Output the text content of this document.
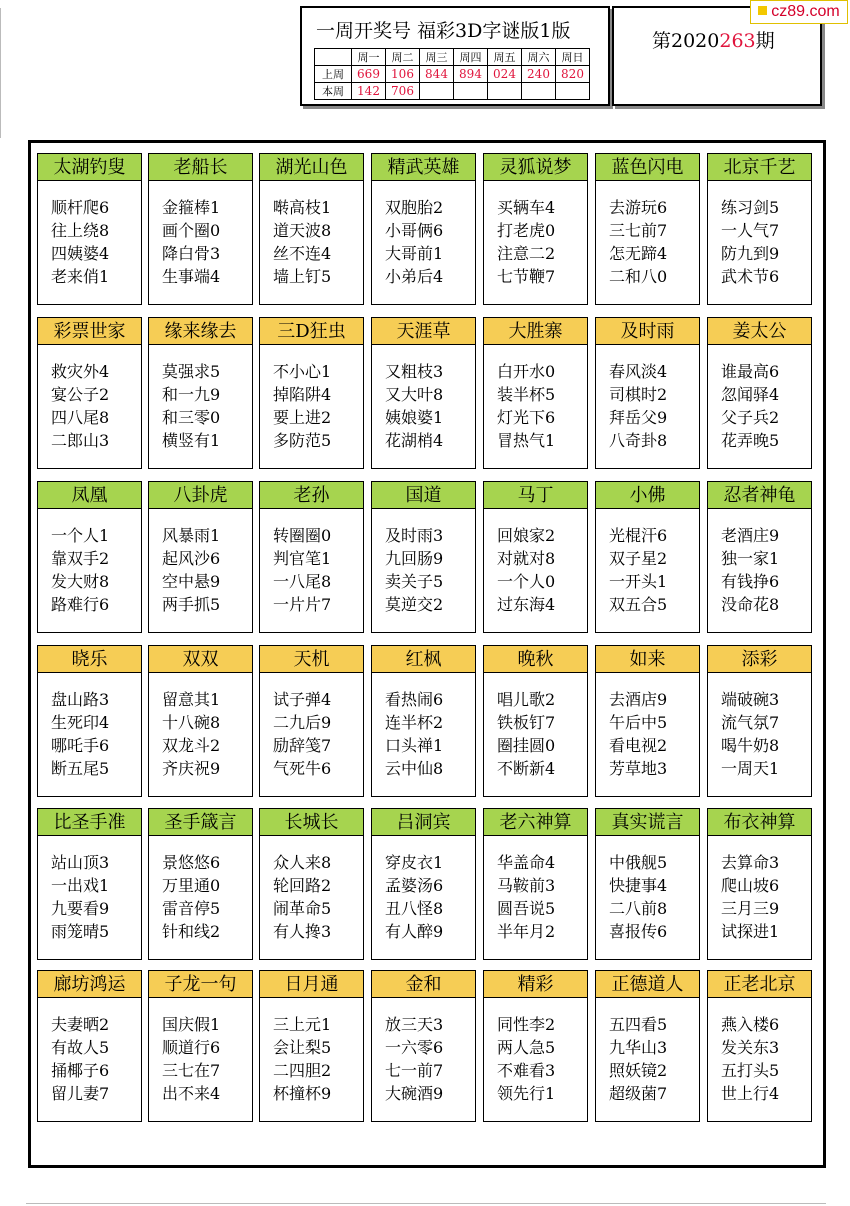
一周开奖号 福彩3D字谜版1版
	周一	周二	周三	周四	周五	周六	周日
上周	669	106	844	894	024	240	820
本周	142	706					
第2020263期
cz89.com
太湖钓叟
顺杆爬6
往上绕8
四姨婆4
老来俏1
老船长
金箍棒1
画个圈0
降白骨3
生事端4
湖光山色
啭高枝1
道天波8
丝不连4
墙上钉5
精武英雄
双胞胎2
小哥俩6
大哥前1
小弟后4
灵狐说梦
买辆车4
打老虎0
注意二2
七节鞭7
蓝色闪电
去游玩6
三七前7
怎无蹄4
二和八0
北京千艺
练习剑5
一人气7
防九到9
武术节6
彩票世家
救灾外4
宴公子2
四八尾8
二郎山3
缘来缘去
莫强求5
和一九9
和三零0
横竖有1
三D狂虫
不小心1
掉陷阱4
要上进2
多防范5
天涯草
又粗枝3
又大叶8
姨娘婆1
花湖梢4
大胜寨
白开水0
装半杯5
灯光下6
冒热气1
及时雨
春风淡4
司棋时2
拜岳父9
八奇卦8
姜太公
谁最高6
忽闻驿4
父子兵2
花弄晚5
凤凰
一个人1
靠双手2
发大财8
路难行6
八卦虎
风暴雨1
起风沙6
空中悬9
两手抓5
老孙
转圈圈0
判官笔1
一八尾8
一片片7
国道
及时雨3
九回肠9
卖关子5
莫逆交2
马丁
回娘家2
对就对8
一个人0
过东海4
小佛
光棍汗6
双子星2
一开头1
双五合5
忍者神龟
老酒庄9
独一家1
有钱挣6
没命花8
晓乐
盘山路3
生死印4
哪吒手6
断五尾5
双双
留意其1
十八碗8
双龙斗2
齐庆祝9
天机
试子弹4
二九后9
励辞笺7
气死牛6
红枫
看热闹6
连半杯2
口头禅1
云中仙8
晚秋
唱儿歌2
铁板钉7
圈挂圆0
不断新4
如来
去酒店9
午后中5
看电视2
芳草地3
添彩
端破碗3
流气氛7
喝牛奶8
一周天1
比圣手准
站山顶3
一出戏1
九要看9
雨笼晴5
圣手箴言
景悠悠6
万里通0
雷音停5
针和线2
长城长
众人来8
轮回路2
闹革命5
有人搀3
吕洞宾
穿皮衣1
孟婆汤6
丑八怪8
有人醉9
老六神算
华盖命4
马鞍前3
圆吾说5
半年月2
真实谎言
中俄舰5
快捷事4
二八前8
喜报传6
布衣神算
去算命3
爬山坡6
三月三9
试探进1
廊坊鸿运
夫妻晒2
有故人5
捅椰子6
留儿妻7
子龙一句
国庆假1
顺道行6
三七在7
出不来4
日月通
三上元1
会让梨5
二四胆2
杯撞杯9
金和
放三天3
一六零6
七一前7
大碗酒9
精彩
同性李2
两人急5
不难看3
领先行1
正德道人
五四看5
九华山3
照妖镜2
超级菌7
正老北京
燕入楼6
发关东3
五打头5
世上行4
